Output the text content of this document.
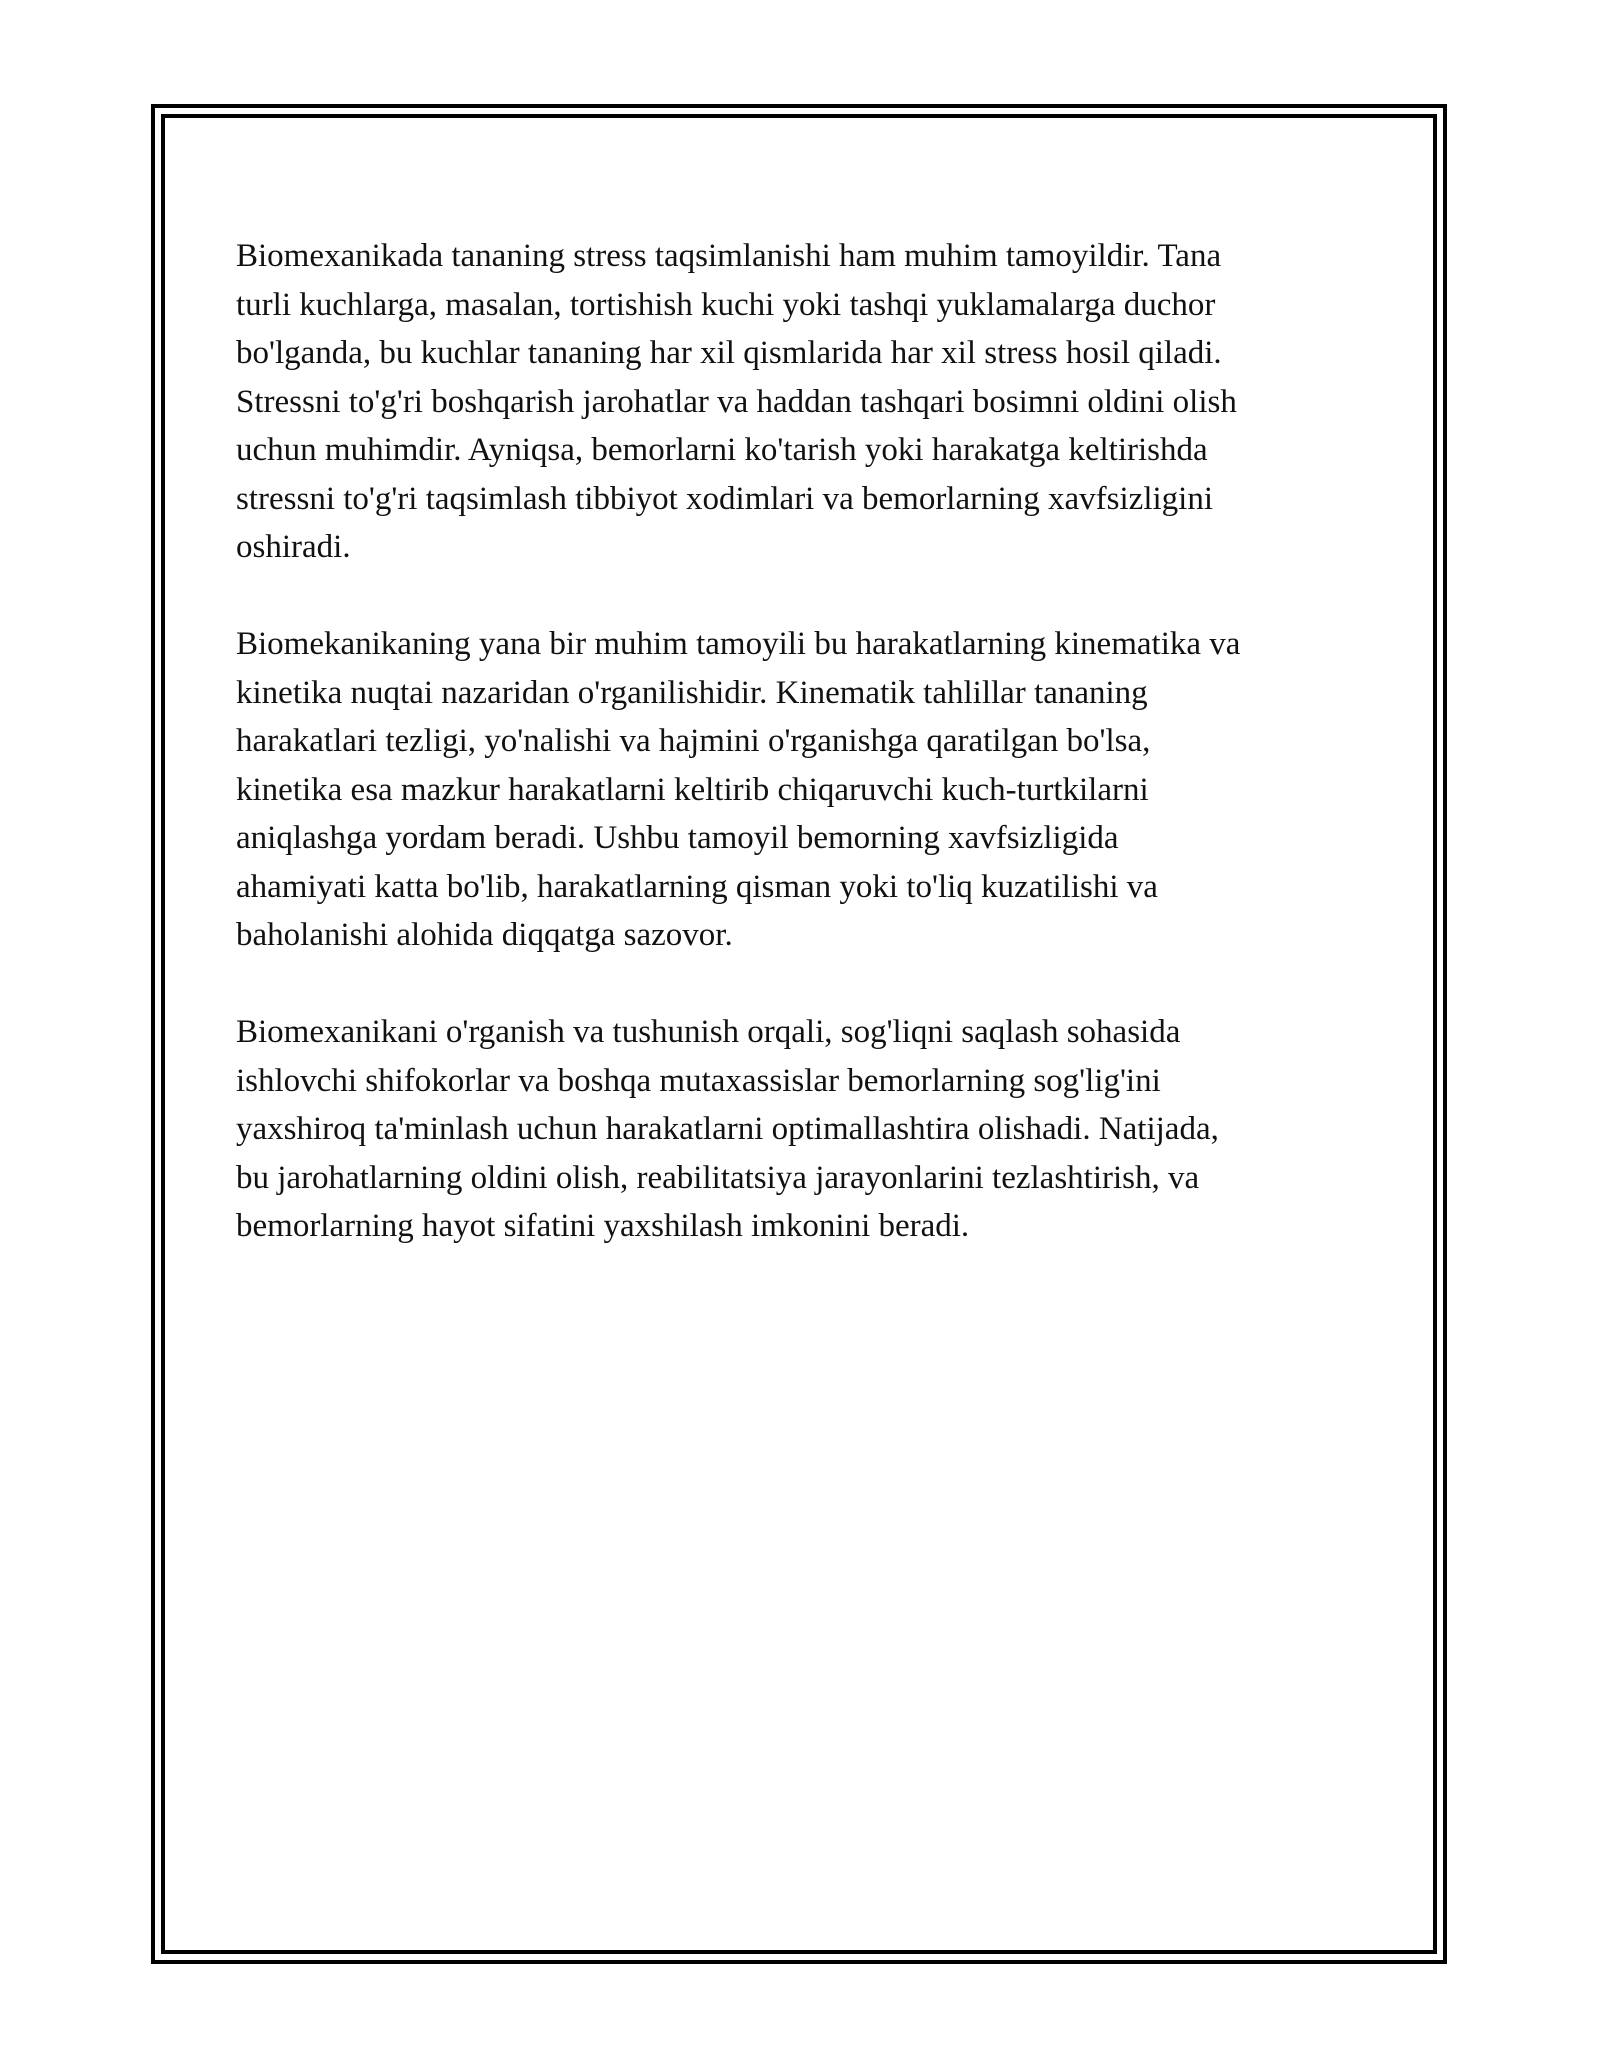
Biomexanikada tananing stress taqsimlanishi ham muhim tamoyildir. Tana
turli kuchlarga, masalan, tortishish kuchi yoki tashqi yuklamalarga duchor
bo'lganda, bu kuchlar tananing har xil qismlarida har xil stress hosil qiladi.
Stressni to'g'ri boshqarish jarohatlar va haddan tashqari bosimni oldini olish
uchun muhimdir. Ayniqsa, bemorlarni ko'tarish yoki harakatga keltirishda
stressni to'g'ri taqsimlash tibbiyot xodimlari va bemorlarning xavfsizligini
oshiradi.

Biomekanikaning yana bir muhim tamoyili bu harakatlarning kinematika va
kinetika nuqtai nazaridan o'rganilishidir. Kinematik tahlillar tananing
harakatlari tezligi, yo'nalishi va hajmini o'rganishga qaratilgan bo'lsa,
kinetika esa mazkur harakatlarni keltirib chiqaruvchi kuch-turtkilarni
aniqlashga yordam beradi. Ushbu tamoyil bemorning xavfsizligida
ahamiyati katta bo'lib, harakatlarning qisman yoki to'liq kuzatilishi va
baholanishi alohida diqqatga sazovor.

Biomexanikani o'rganish va tushunish orqali, sog'liqni saqlash sohasida
ishlovchi shifokorlar va boshqa mutaxassislar bemorlarning sog'lig'ini
yaxshiroq ta'minlash uchun harakatlarni optimallashtira olishadi. Natijada,
bu jarohatlarning oldini olish, reabilitatsiya jarayonlarini tezlashtirish, va
bemorlarning hayot sifatini yaxshilash imkonini beradi.
